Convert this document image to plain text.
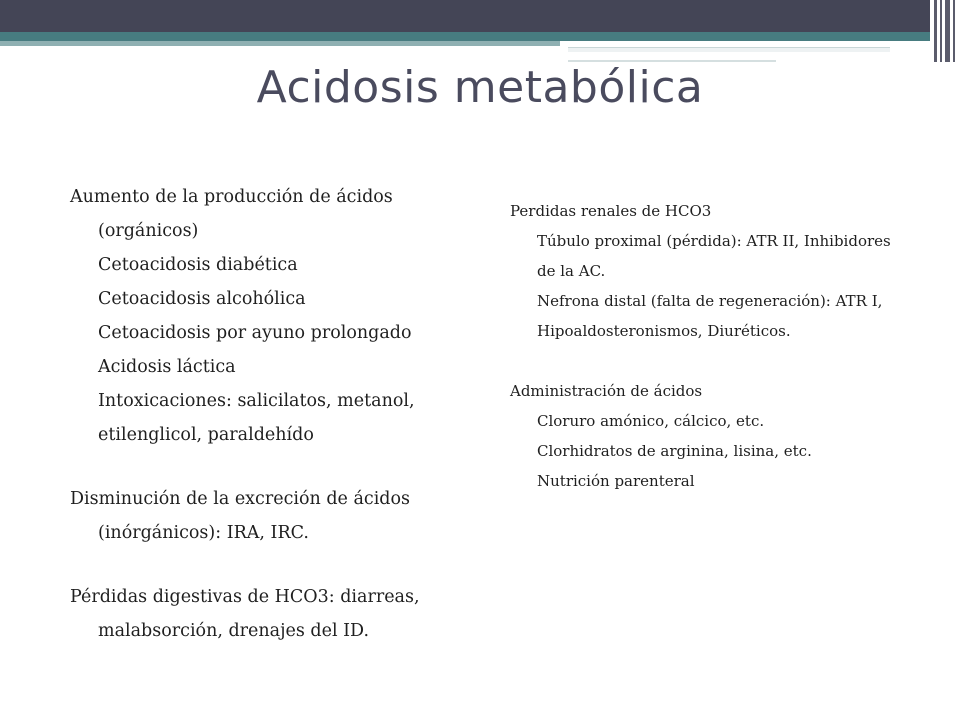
Acidosis metabólica

Aumento de la producción de ácidos (orgánicos)

Cetoacidosis diabética

Cetoacidosis alcohólica

Cetoacidosis por ayuno prolongado

Acidosis láctica

Intoxicaciones: salicilatos, metanol, etilenglicol, paraldehído

Disminución de la excreción de ácidos (inórgánicos): IRA, IRC.

Pérdidas digestivas de HCO3: diarreas, malabsorción, drenajes del ID.

Perdidas renales de HCO3

Túbulo proximal (pérdida): ATR II, Inhibidores de la AC.

Nefrona distal (falta de regeneración): ATR I, Hipoaldosteronismos, Diuréticos.

Administración de ácidos

Cloruro amónico, cálcico, etc.

Clorhidratos de arginina, lisina, etc.

Nutrición parenteral
